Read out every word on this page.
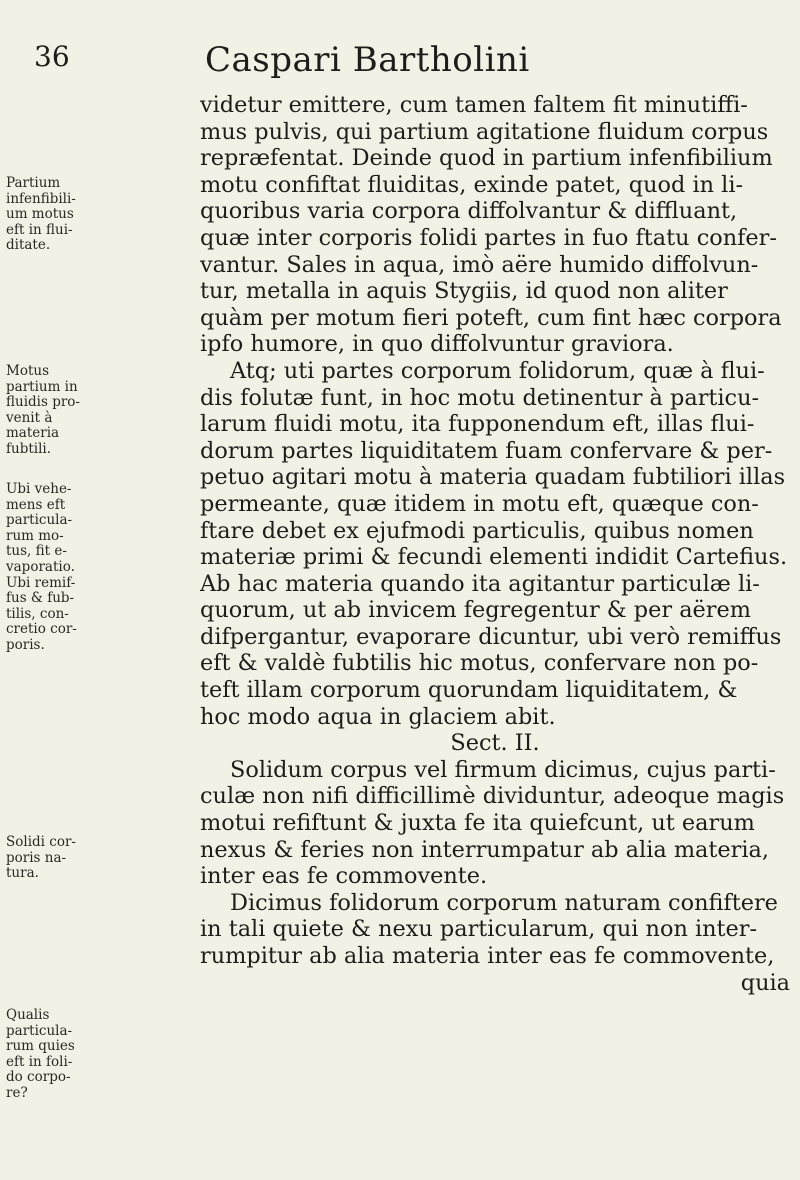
36	Caspari Bartholini
Partium
infenfibili-
um motus
eft in flui-
ditate.
Motus
partium in
fluidis pro-
venit à
materia
fubtili.
Ubi vehe-
mens eft
particula-
rum mo-
tus, fit e-
vaporatio.
Ubi remif-
fus & fub-
tilis, con-
cretio cor-
poris.
Solidi cor-
poris na-
tura.
Qualis
particula-
rum quies
eft in foli-
do corpo-
re?
videtur emittere, cum tamen faltem fit minutiffi-
mus pulvis, qui partium agitatione fluidum corpus
repræfentat. Deinde quod in partium infenfibilium
motu confiftat fluiditas, exinde patet, quod in li-
quoribus varia corpora diffolvantur & diffluant,
quæ inter corporis folidi partes in fuo ftatu confer-
vantur. Sales in aqua, imò aëre humido diffolvun-
tur, metalla in aquis Stygiis, id quod non aliter
quàm per motum fieri poteft, cum fint hæc corpora
ipfo humore, in quo diffolvuntur graviora.
Atq; uti partes corporum folidorum, quæ à flui-
dis folutæ funt, in hoc motu detinentur à particu-
larum fluidi motu, ita fupponendum eft, illas flui-
dorum partes liquiditatem fuam confervare & per-
petuo agitari motu à materia quadam fubtiliori illas
permeante, quæ itidem in motu eft, quæque con-
ftare debet ex ejufmodi particulis, quibus nomen
materiæ primi & fecundi elementi indidit Cartefius.
Ab hac materia quando ita agitantur particulæ li-
quorum, ut ab invicem fegregentur & per aërem
difpergantur, evaporare dicuntur, ubi verò remiffus
eft & valdè fubtilis hic motus, confervare non po-
teft illam corporum quorundam liquiditatem, &
hoc modo aqua in glaciem abit.
Sect. II.
Solidum corpus vel firmum dicimus, cujus parti-
culæ non nifi difficillimè dividuntur, adeoque magis
motui refiftunt & juxta fe ita quiefcunt, ut earum
nexus & feries non interrumpatur ab alia materia,
inter eas fe commovente.
Dicimus folidorum corporum naturam confiftere
in tali quiete & nexu particularum, qui non inter-
rumpitur ab alia materia inter eas fe commovente,
quia
